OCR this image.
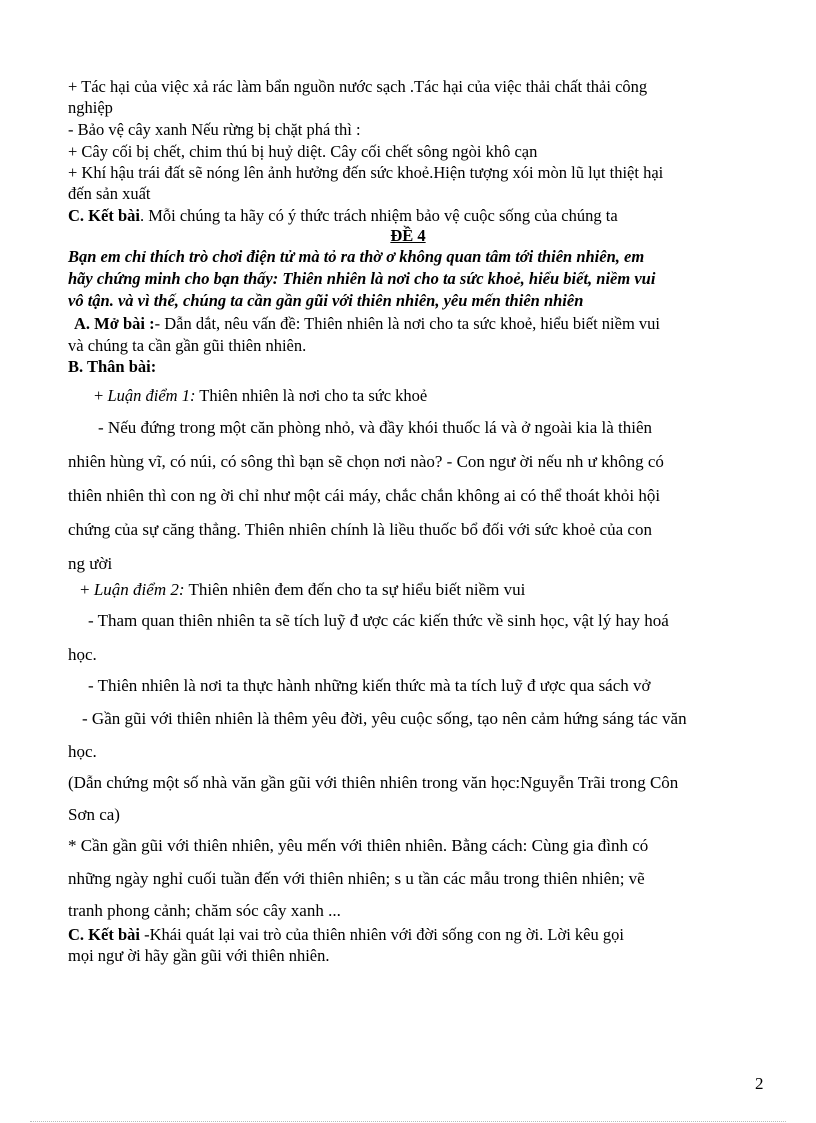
+ Tác hại của việc xả rác làm bẩn nguồn nước sạch .Tác hại của việc thải chất thải công
nghiệp
- Bảo vệ cây xanh Nếu rừng bị chặt phá thì :
+ Cây cối bị chết, chim thú bị huỷ diệt. Cây cối chết sông ngòi khô cạn
+ Khí hậu trái đất sẽ nóng lên ảnh hưởng đến sức khoẻ.Hiện tượng xói mòn lũ lụt thiệt hại
đến sản xuất
C. Kết bài. Mỗi chúng ta hãy có ý thức trách nhiệm bảo vệ cuộc sống của chúng ta
ĐỀ 4
Bạn em chỉ thích trò chơi điện tử mà tỏ ra thờ ơ không quan tâm tới thiên nhiên, em
hãy chứng minh cho bạn thấy: Thiên nhiên là nơi cho ta sức khoẻ, hiểu biết, niềm vui
vô tận. và vì thế, chúng ta cần gần gũi với thiên nhiên, yêu mến thiên nhiên
A. Mở bài :- Dẫn dắt, nêu vấn đề: Thiên nhiên là nơi cho ta sức khoẻ, hiểu biết niềm vui
và chúng ta cần gần gũi thiên nhiên.
B. Thân bài:
+ Luận điểm 1: Thiên nhiên là nơi cho ta sức khoẻ
- Nếu đứng trong một căn phòng nhỏ, và đầy khói thuốc lá và ở ngoài kia là thiên
nhiên hùng vĩ, có núi, có sông thì bạn sẽ chọn nơi nào? - Con ngư ời nếu nh ư không có
thiên nhiên thì con ng ời chỉ như một cái máy, chắc chắn không ai có thể thoát khỏi hội
chứng của sự căng thẳng. Thiên nhiên chính là liều thuốc bổ đối với sức khoẻ của con
ng ười
+ Luận điểm 2: Thiên nhiên đem đến cho ta sự hiểu biết niềm vui
- Tham quan thiên nhiên ta sẽ tích luỹ đ ược các kiến thức về sinh học, vật lý hay hoá
học.
- Thiên nhiên là nơi ta thực hành những kiến thức mà ta tích luỹ đ ược qua sách vở
- Gần gũi với thiên nhiên là thêm yêu đời, yêu cuộc sống, tạo nên cảm hứng sáng tác văn
học.
(Dẫn chứng một số nhà văn gần gũi với thiên nhiên trong văn học:Nguyễn Trãi trong Côn
Sơn ca)
* Cần gần gũi với thiên nhiên, yêu mến với thiên nhiên. Bằng cách: Cùng gia đình có
những ngày nghỉ cuối tuần đến với thiên nhiên; s u tần các mẫu trong thiên nhiên; vẽ
tranh phong cảnh; chăm sóc cây xanh ...
C. Kết bài -Khái quát lại vai trò của thiên nhiên với đời sống con ng ời. Lời kêu gọi
mọi ngư ời hãy gần gũi với thiên nhiên.
2
